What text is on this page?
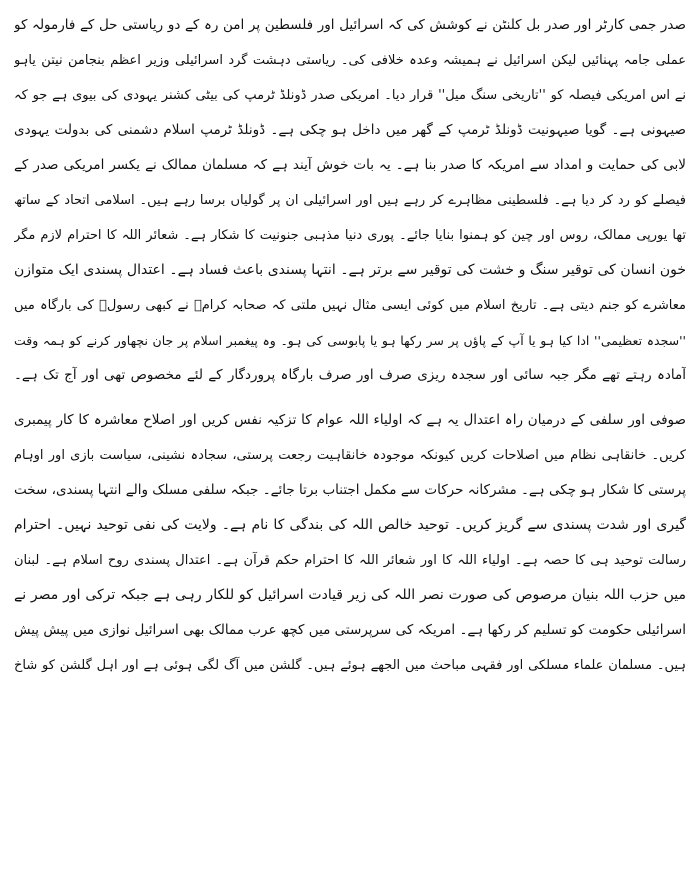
صدر جمی کارٹر اور صدر بل کلنٹن نے کوشش کی کہ اسرائیل اور فلسطین پر امن رہ کے دو ریاستی حل کے فارمولہ کو
عملی جامہ پہنائیں لیکن اسرائیل نے ہمیشہ وعدہ خلافی کی۔ ریاستی دہشت گرد اسرائیلی وزیر اعظم بنجامن نیتن یاہو
نے اس امریکی فیصلہ کو ''تاریخی سنگ میل'' قرار دیا۔ امریکی صدر ڈونلڈ ٹرمپ کی بیٹی کشنر یہودی کی بیوی ہے جو کہ
صیہونی ہے۔ گویا صیہونیت ڈونلڈ ٹرمپ کے گھر میں داخل ہو چکی ہے۔ ڈونلڈ ٹرمپ اسلام دشمنی کی بدولت یہودی
لابی کی حمایت و امداد سے امریکہ کا صدر بنا ہے۔ یہ بات خوش آیند ہے کہ مسلمان ممالک نے یکسر امریکی صدر کے
فیصلے کو رد کر دیا ہے۔ فلسطینی مظاہرے کر رہے ہیں اور اسرائیلی ان پر گولیاں برسا رہے ہیں۔ اسلامی اتحاد کے ساتھ
تھا یورپی ممالک، روس اور چین کو ہمنوا بنایا جائے۔ پوری دنیا مذہبی جنونیت کا شکار ہے۔ شعائر اللہ کا احترام لازم مگر
خون انسان کی توقیر سنگ و خشت کی توقیر سے برتر ہے۔ انتہا پسندی باعث فساد ہے۔ اعتدال پسندی ایک متوازن
معاشرے کو جنم دیتی ہے۔ تاریخ اسلام میں کوئی ایسی مثال نہیں ملتی کہ صحابہ کرامؓ نے کبھی رسولؐ کی بارگاہ میں
''سجدہ تعظیمی'' ادا کیا ہو یا آپ کے پاؤں پر سر رکھا ہو یا پابوسی کی ہو۔ وہ پیغمبر اسلام پر جان نچھاور کرنے کو ہمہ وقت
آمادہ رہتے تھے مگر جبہ سائی اور سجدہ ریزی صرف اور صرف بارگاہ پروردگار کے لئے مخصوص تھی اور آج تک ہے۔
صوفی اور سلفی کے درمیان راہ اعتدال یہ ہے کہ اولیاء اللہ عوام کا تزکیہ نفس کریں اور اصلاح معاشرہ کا کار پیمبری
کریں۔ خانقاہی نظام میں اصلاحات کریں کیونکہ موجودہ خانقاہیت رجعت پرستی، سجادہ نشینی، سیاست بازی اور اوہام
پرستی کا شکار ہو چکی ہے۔ مشرکانہ حرکات سے مکمل اجتناب برتا جائے۔ جبکہ سلفی مسلک والے انتہا پسندی، سخت
گیری اور شدت پسندی سے گریز کریں۔ توحید خالص اللہ کی بندگی کا نام ہے۔ ولایت کی نفی توحید نہیں۔ احترام
رسالت توحید ہی کا حصہ ہے۔ اولیاء اللہ کا اور شعائر اللہ کا احترام حکم قرآن ہے۔ اعتدال پسندی روح اسلام ہے۔ لبنان
میں حزب اللہ بنیان مرصوص کی صورت نصر اللہ کی زیر قیادت اسرائیل کو للکار رہی ہے جبکہ ترکی اور مصر نے
اسرائیلی حکومت کو تسلیم کر رکھا ہے۔ امریکہ کی سرپرستی میں کچھ عرب ممالک بھی اسرائیل نوازی میں پیش پیش
ہیں۔ مسلمان علماء مسلکی اور فقہی مباحث میں الجھے ہوئے ہیں۔ گلشن میں آگ لگی ہوئی ہے اور اہل گلشن کو شاخ
